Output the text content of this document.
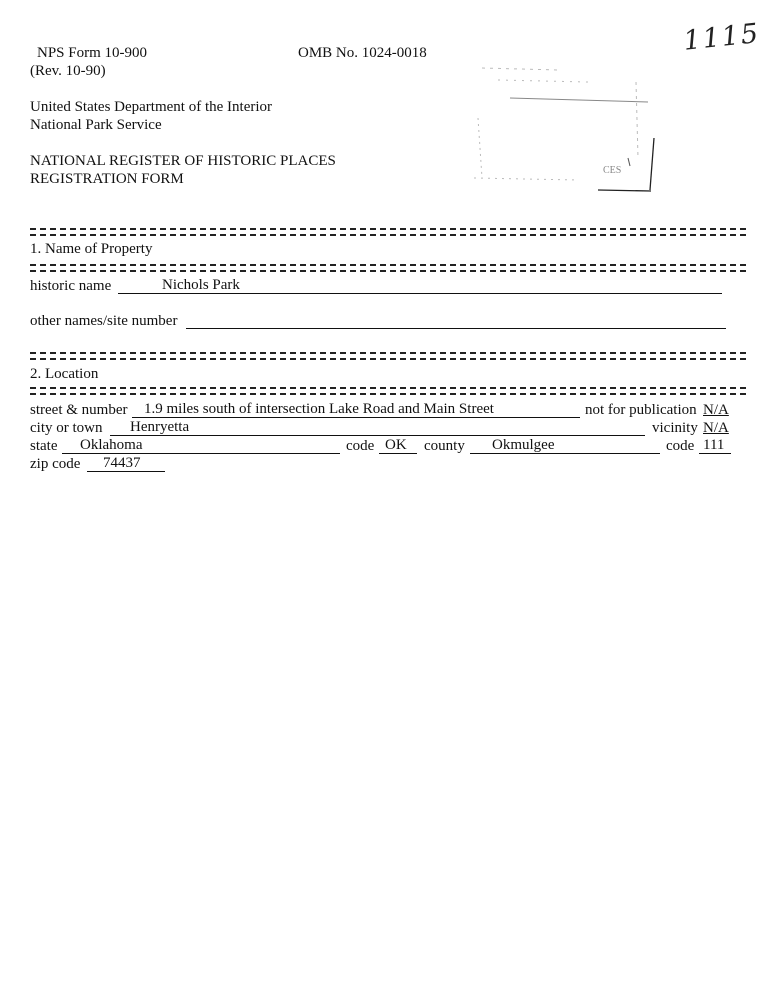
NPS Form 10-900
(Rev. 10-90)
OMB No. 1024-0018	1115
United States Department of the Interior
National Park Service
NATIONAL REGISTER OF HISTORIC PLACES
REGISTRATION FORM
CES
1. Name of Property
historic name	Nichols Park
other names/site number
2. Location
street & number 1.9 miles south of intersection Lake Road and Main Street	not for publication N/A
city or town Henryetta	vicinity N/A
state Oklahoma	code OK county Okmulgee	code 111
zip code 74437
